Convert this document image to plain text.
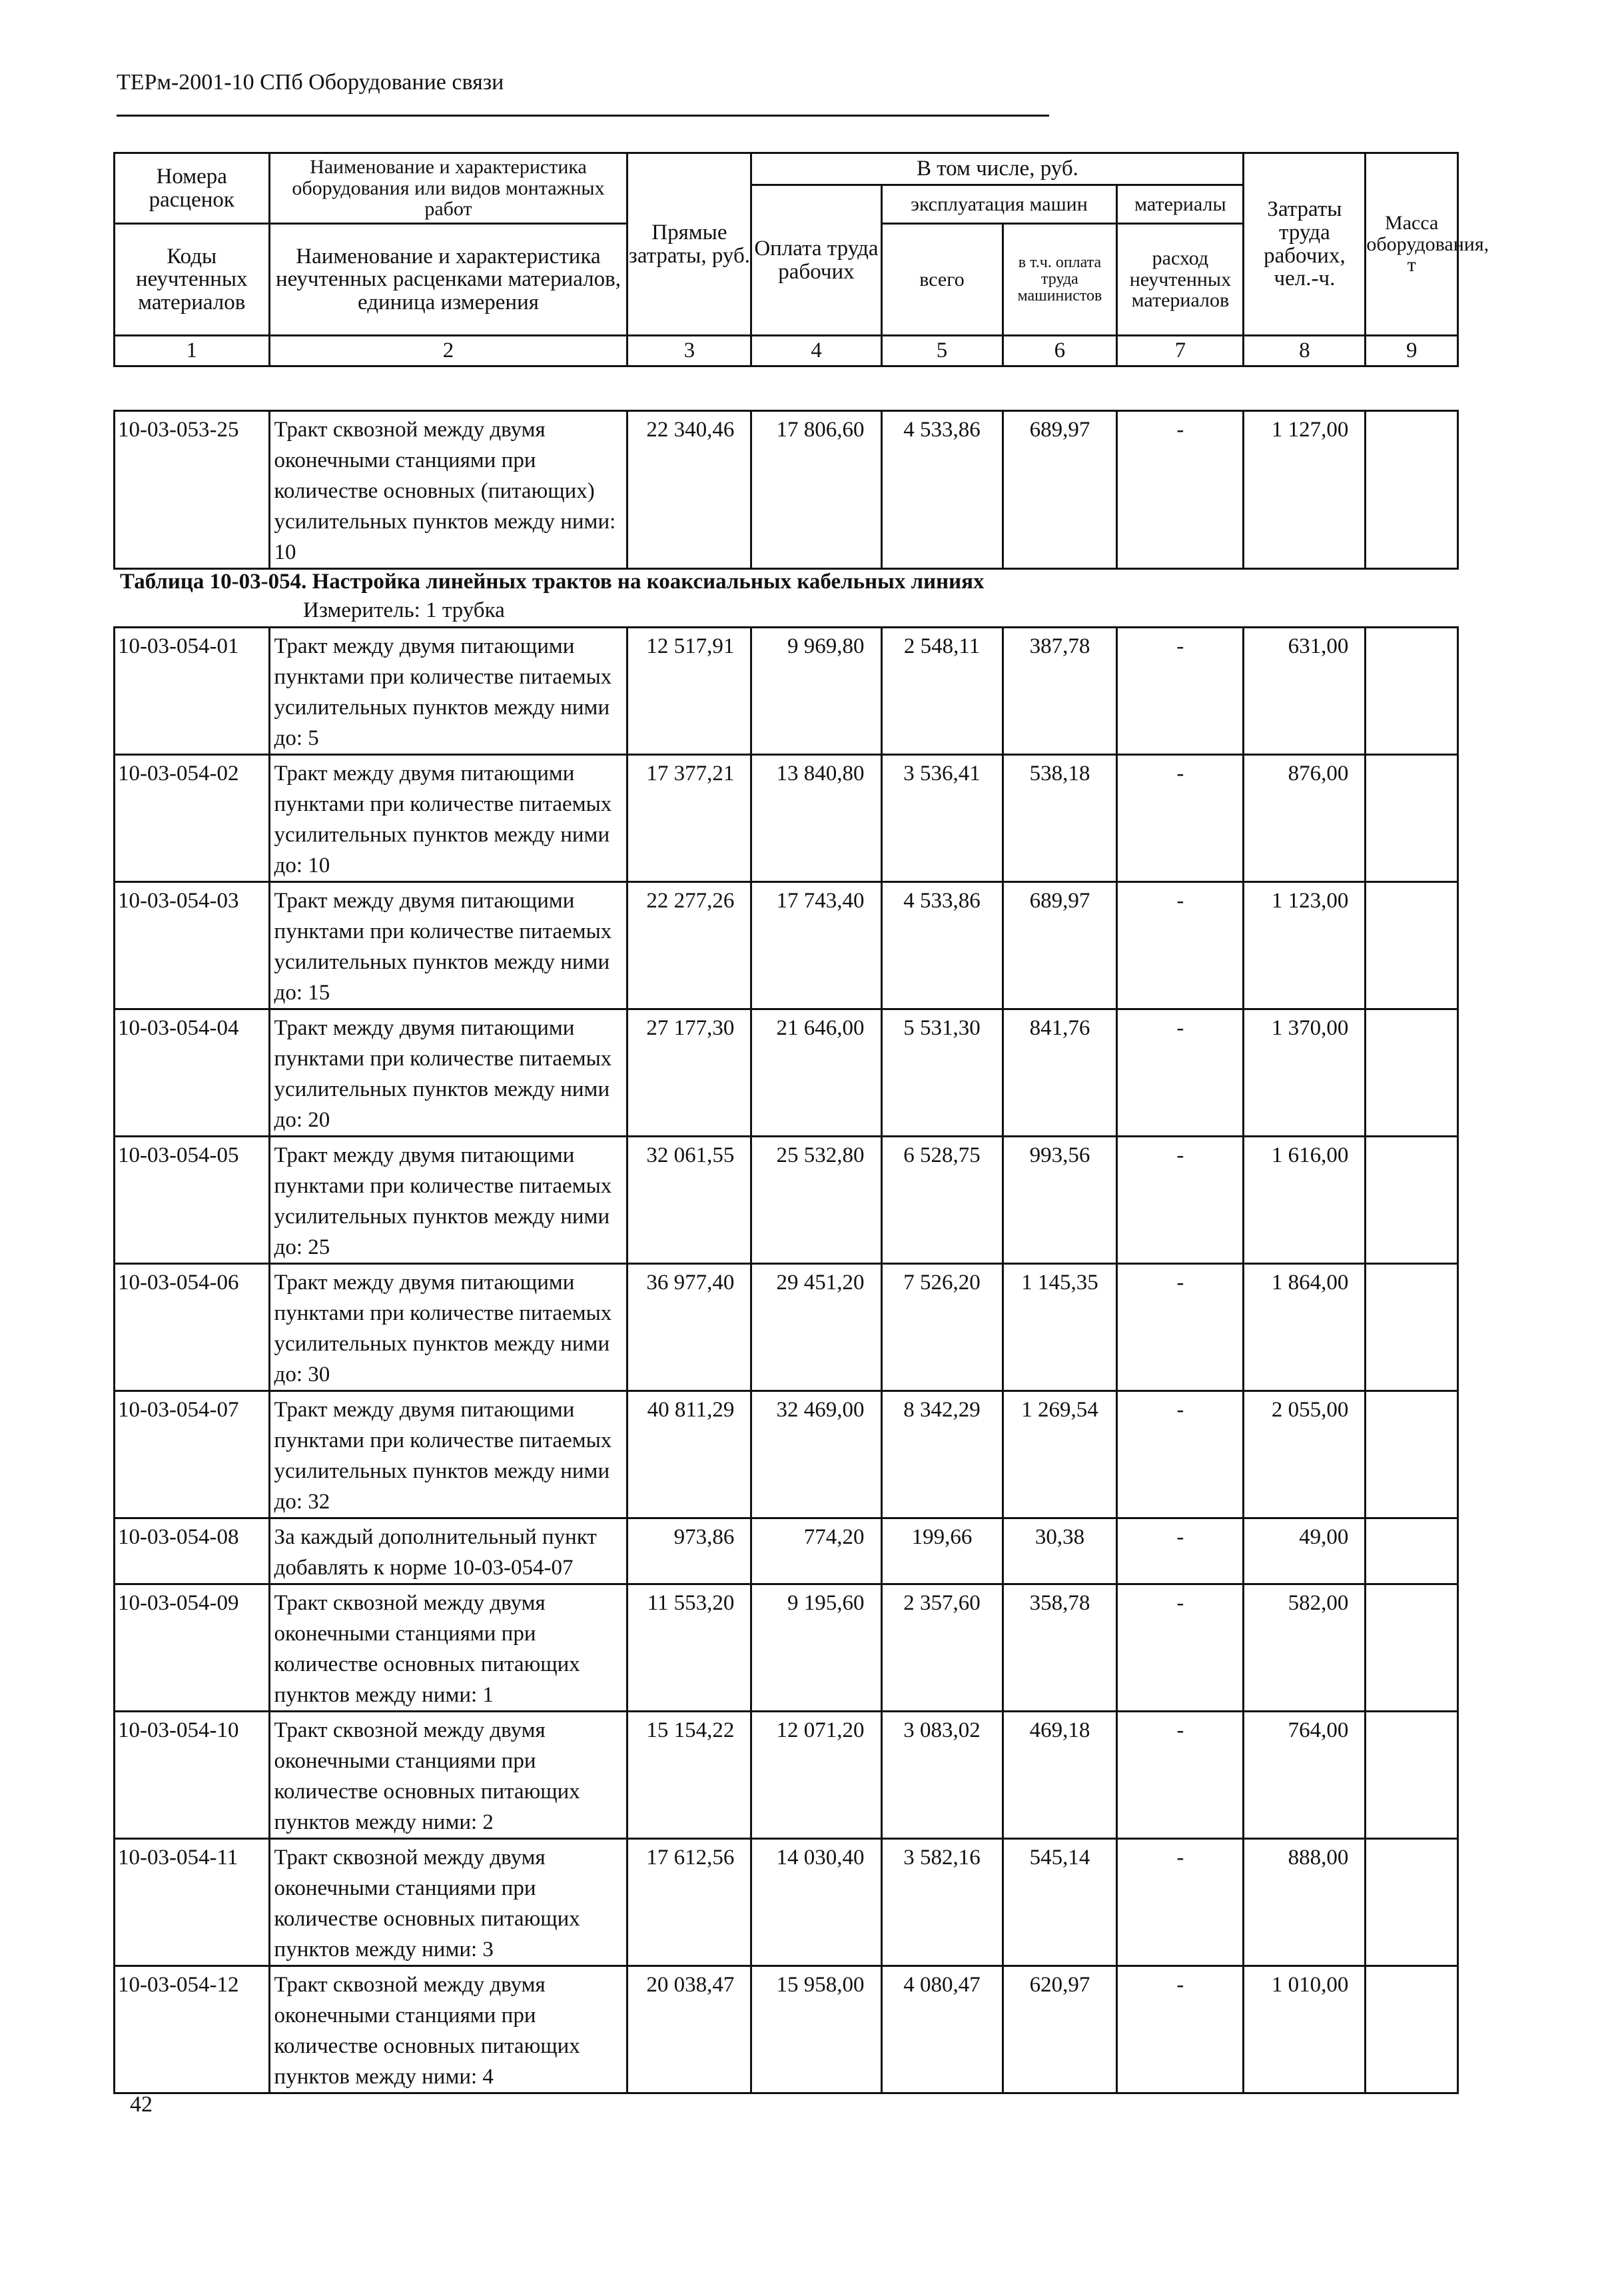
ТЕРм-2001-10 СПб Оборудование связи
Номера расценок	Наименование и характеристика оборудования или видов монтажных работ	Прямые затраты, руб.	В том числе, руб.				Затраты труда рабочих, чел.-ч.	Масса оборудования, т
			Оплата труда рабочих	эксплуатация машин		материалы		
Коды неучтенных материалов	Наименование и характеристика неучтенных расценками материалов, единица измерения			всего	в т.ч. оплата труда машинистов	расход неучтенных материалов		

1	2	3	4	5	6	7	8	9
10-03-053-25	Тракт сквозной между двумя оконечными станциями при количестве основных (питающих) усилительных пунктов между ними: 10	22 340,46	17 806,60	4 533,86	689,97	-	1 127,00	
Таблица 10-03-054. Настройка линейных трактов на коаксиальных кабельных линиях
Измеритель: 1 трубка
10-03-054-01	Тракт между двумя питающими пунктами при количестве питаемых усилительных пунктов между ними до: 5	12 517,91	9 969,80	2 548,11	387,78	-	631,00	
10-03-054-02	Тракт между двумя питающими пунктами при количестве питаемых усилительных пунктов между ними до: 10	17 377,21	13 840,80	3 536,41	538,18	-	876,00	
10-03-054-03	Тракт между двумя питающими пунктами при количестве питаемых усилительных пунктов между ними до: 15	22 277,26	17 743,40	4 533,86	689,97	-	1 123,00	
10-03-054-04	Тракт между двумя питающими пунктами при количестве питаемых усилительных пунктов между ними до: 20	27 177,30	21 646,00	5 531,30	841,76	-	1 370,00	
10-03-054-05	Тракт между двумя питающими пунктами при количестве питаемых усилительных пунктов между ними до: 25	32 061,55	25 532,80	6 528,75	993,56	-	1 616,00	
10-03-054-06	Тракт между двумя питающими пунктами при количестве питаемых усилительных пунктов между ними до: 30	36 977,40	29 451,20	7 526,20	1 145,35	-	1 864,00	
10-03-054-07	Тракт между двумя питающими пунктами при количестве питаемых усилительных пунктов между ними до: 32	40 811,29	32 469,00	8 342,29	1 269,54	-	2 055,00	
10-03-054-08	За каждый дополнительный пункт добавлять к норме 10-03-054-07	973,86	774,20	199,66	30,38	-	49,00	
10-03-054-09	Тракт сквозной между двумя оконечными станциями при количестве основных питающих пунктов между ними: 1	11 553,20	9 195,60	2 357,60	358,78	-	582,00	
10-03-054-10	Тракт сквозной между двумя оконечными станциями при количестве основных питающих пунктов между ними: 2	15 154,22	12 071,20	3 083,02	469,18	-	764,00	
10-03-054-11	Тракт сквозной между двумя оконечными станциями при количестве основных питающих пунктов между ними: 3	17 612,56	14 030,40	3 582,16	545,14	-	888,00	
10-03-054-12	Тракт сквозной между двумя оконечными станциями при количестве основных питающих пунктов между ними: 4	20 038,47	15 958,00	4 080,47	620,97	-	1 010,00	
42
